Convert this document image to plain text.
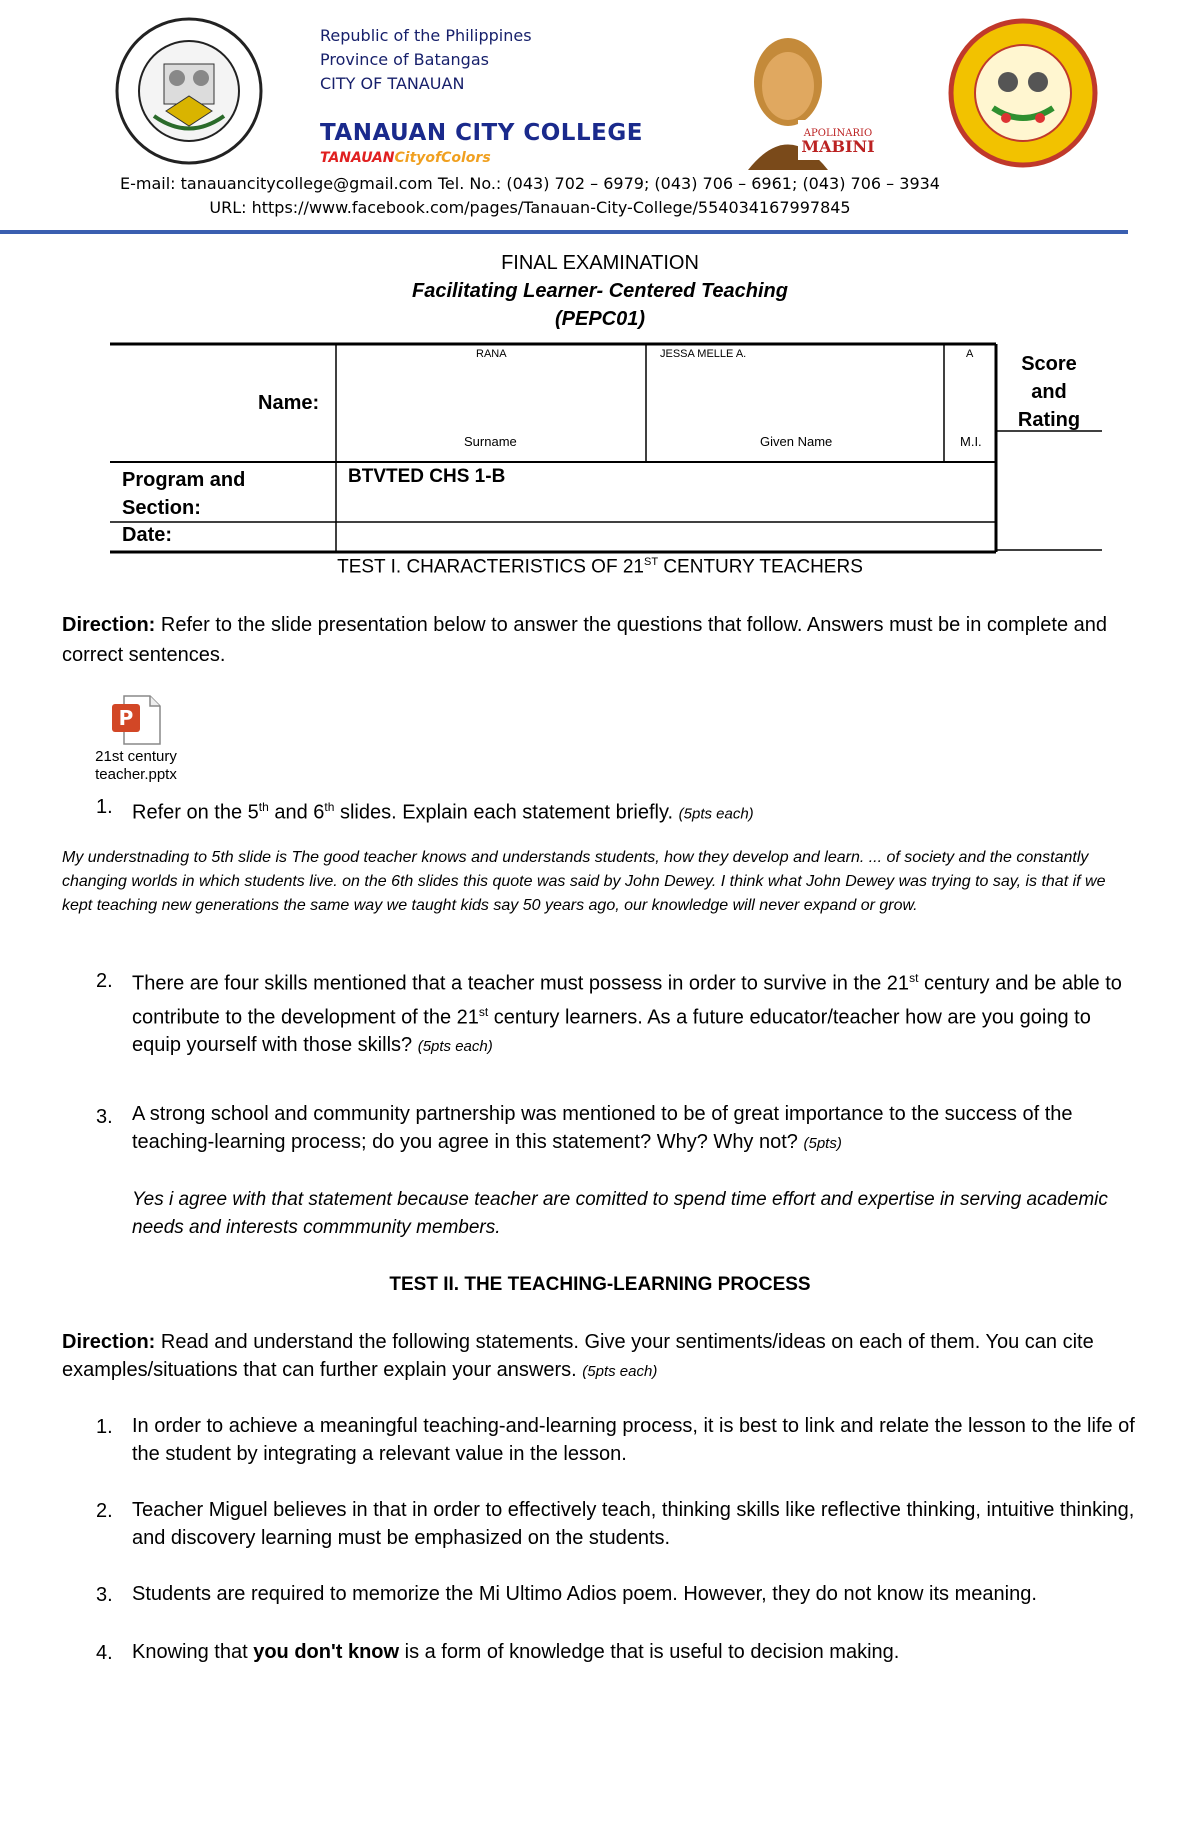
APOLINARIO
MABINI
Republic of the Philippines
Province of Batangas
CITY OF TANAUAN
TANAUAN CITY COLLEGE
TANAUANCityofColors
E-mail: tanauancitycollege@gmail.com Tel. No.: (043) 702 – 6979; (043) 706 – 6961; (043) 706 – 3934
URL: https://www.facebook.com/pages/Tanauan-City-College/554034167997845
FINAL EXAMINATION
Facilitating Learner- Centered Teaching
(PEPC01)
Name:
RANA	JESSA MELLE A.	A
Surname	Given Name	M.I.
Score
and
Rating
Program and
Section:
BTVTED CHS 1-B
Date:
TEST I. CHARACTERISTICS OF 21ST CENTURY TEACHERS
Direction: Refer to the slide presentation below to answer the questions that follow. Answers must be in complete and correct sentences.
P
21st century
teacher.pptx
1. Refer on the 5th and 6th slides. Explain each statement briefly. (5pts each)
My understnading to 5th slide is The good teacher knows and understands students, how they develop and learn. ... of society and the constantly changing worlds in which students live. on the 6th slides this quote was said by John Dewey. I think what John Dewey was trying to say, is that if we kept teaching new generations the same way we taught kids say 50 years ago, our knowledge will never expand or grow.
2. There are four skills mentioned that a teacher must possess in order to survive in the 21st century and be able to contribute to the development of the 21st century learners. As a future educator/teacher how are you going to equip yourself with those skills? (5pts each)
3. A strong school and community partnership was mentioned to be of great importance to the success of the teaching-learning process; do you agree in this statement? Why? Why not? (5pts)
Yes i agree with that statement because teacher are comitted to spend time effort and expertise in serving academic needs and interests commmunity members.
TEST II. THE TEACHING-LEARNING PROCESS
Direction: Read and understand the following statements. Give your sentiments/ideas on each of them. You can cite examples/situations that can further explain your answers. (5pts each)
1. In order to achieve a meaningful teaching-and-learning process, it is best to link and relate the lesson to the life of the student by integrating a relevant value in the lesson.
2. Teacher Miguel believes in that in order to effectively teach, thinking skills like reflective thinking, intuitive thinking, and discovery learning must be emphasized on the students.
3. Students are required to memorize the Mi Ultimo Adios poem. However, they do not know its meaning.
4. Knowing that you don't know is a form of knowledge that is useful to decision making.
